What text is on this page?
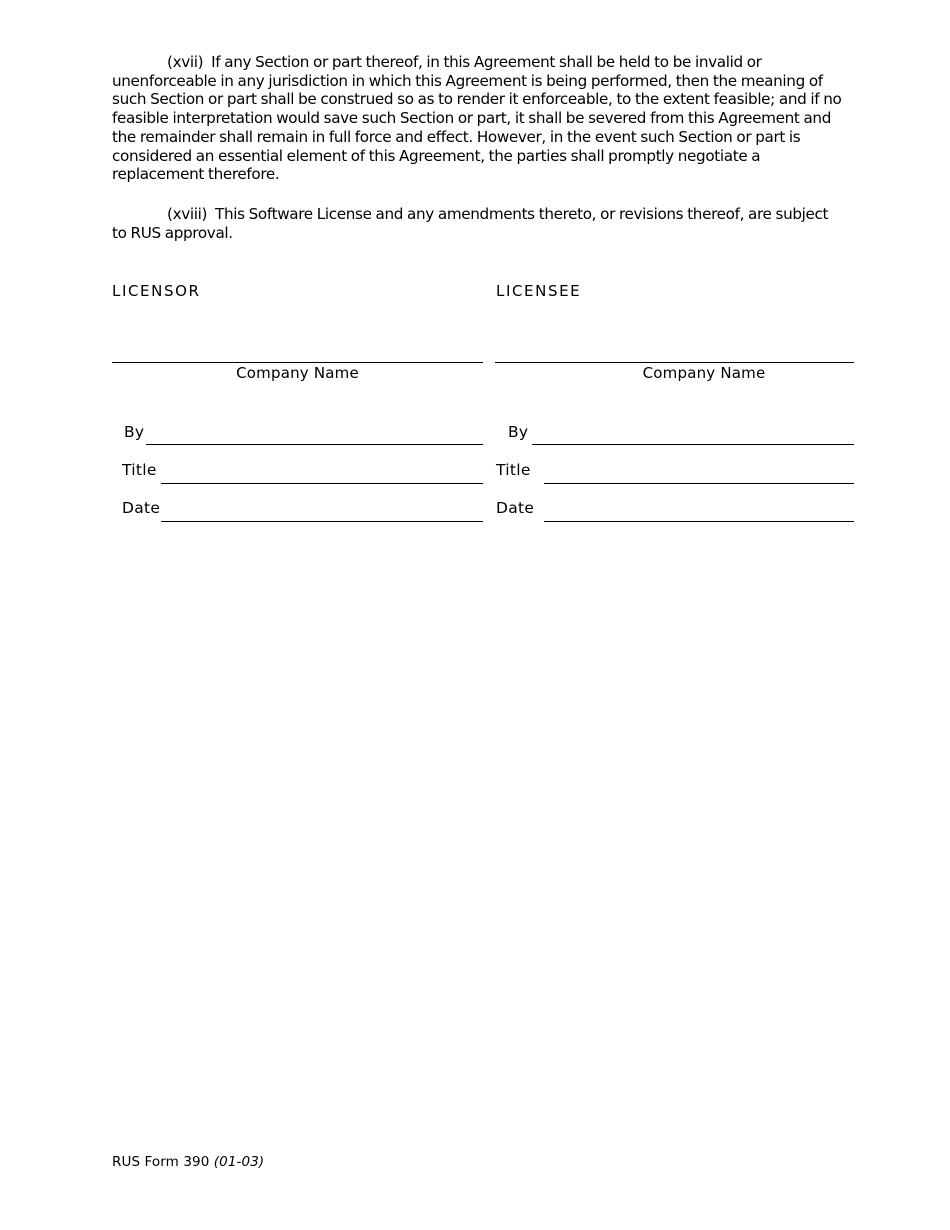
(xvii) If any Section or part thereof, in this Agreement shall be held to be invalid or unenforceable in any jurisdiction in which this Agreement is being performed, then the meaning of such Section or part shall be construed so as to render it enforceable, to the extent feasible; and if no feasible interpretation would save such Section or part, it shall be severed from this Agreement and the remainder shall remain in full force and effect. However, in the event such Section or part is considered an essential element of this Agreement, the parties shall promptly negotiate a replacement therefore.

(xviii) This Software License and any amendments thereto, or revisions thereof, are subject to RUS approval.

LICENSOR
Company Name
By
Title
Date
LICENSEE
Company Name
By
Title
Date
RUS Form 390 (01-03)
